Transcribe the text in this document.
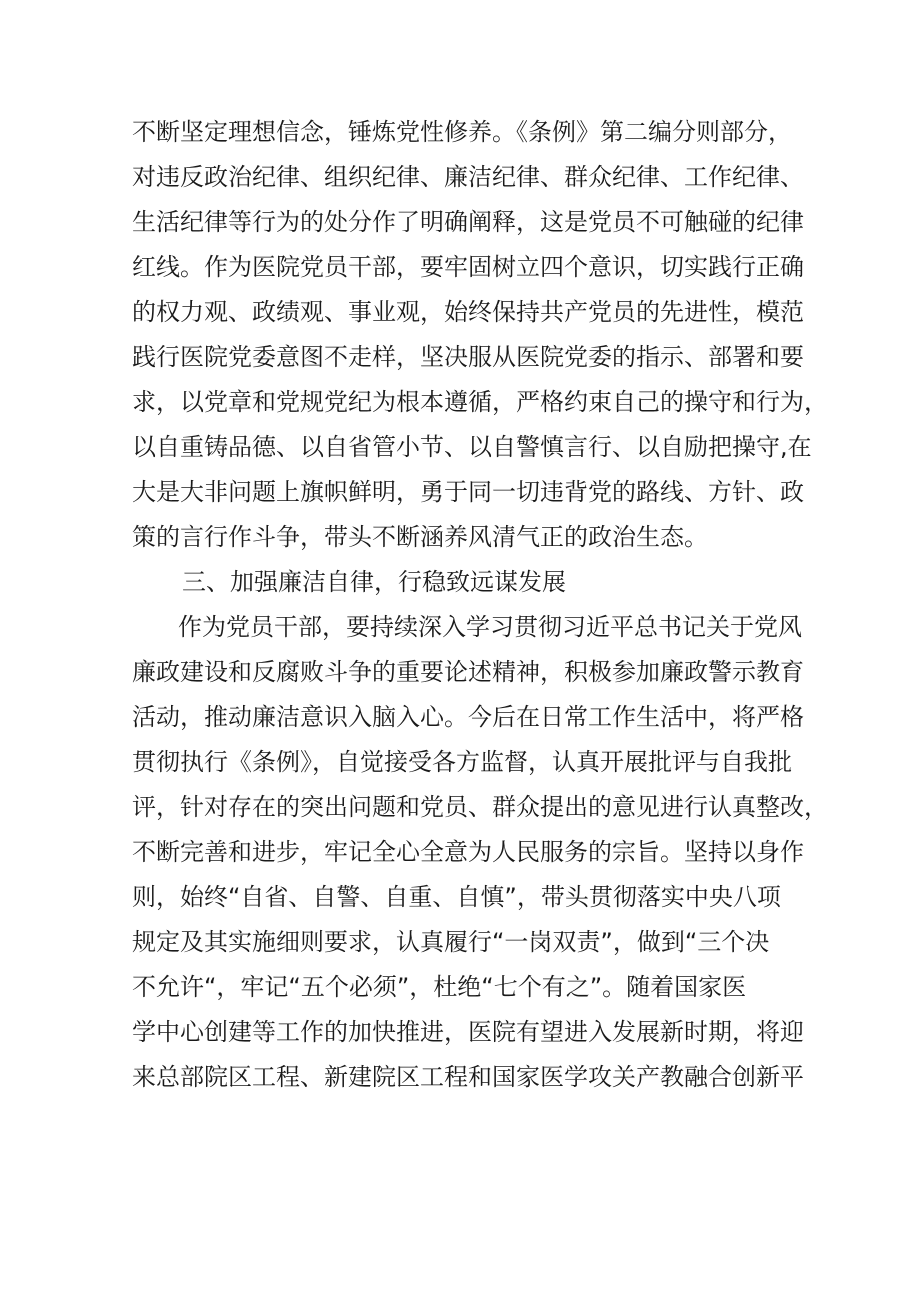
不断坚定理想信念，锤炼党性修养。《条例》第二编分则部分，
对违反政治纪律、组织纪律、廉洁纪律、群众纪律、工作纪律、
生活纪律等行为的处分作了明确阐释，这是党员不可触碰的纪律
红线。作为医院党员干部，要牢固树立四个意识，切实践行正确
的权力观、政绩观、事业观，始终保持共产党员的先进性，模范
践行医院党委意图不走样，坚决服从医院党委的指示、部署和要
求，以党章和党规党纪为根本遵循，严格约束自己的操守和行为，
以自重铸品德、以自省管小节、以自警慎言行、以自励把操守,在
大是大非问题上旗帜鲜明，勇于同一切违背党的路线、方针、政
策的言行作斗争，带头不断涵养风清气正的政治生态。
三、加强廉洁自律，行稳致远谋发展
作为党员干部，要持续深入学习贯彻习近平总书记关于党风
廉政建设和反腐败斗争的重要论述精神，积极参加廉政警示教育
活动，推动廉洁意识入脑入心。今后在日常工作生活中，将严格
贯彻执行《条例》，自觉接受各方监督，认真开展批评与自我批
评，针对存在的突出问题和党员、群众提出的意见进行认真整改，
不断完善和进步，牢记全心全意为人民服务的宗旨。坚持以身作
则，始终“自省、自警、自重、自慎”，带头贯彻落实中央八项
规定及其实施细则要求，认真履行“一岗双责”，做到“三个决
不允许“，牢记“五个必须”，杜绝“七个有之”。随着国家医
学中心创建等工作的加快推进，医院有望进入发展新时期，将迎
来总部院区工程、新建院区工程和国家医学攻关产教融合创新平
